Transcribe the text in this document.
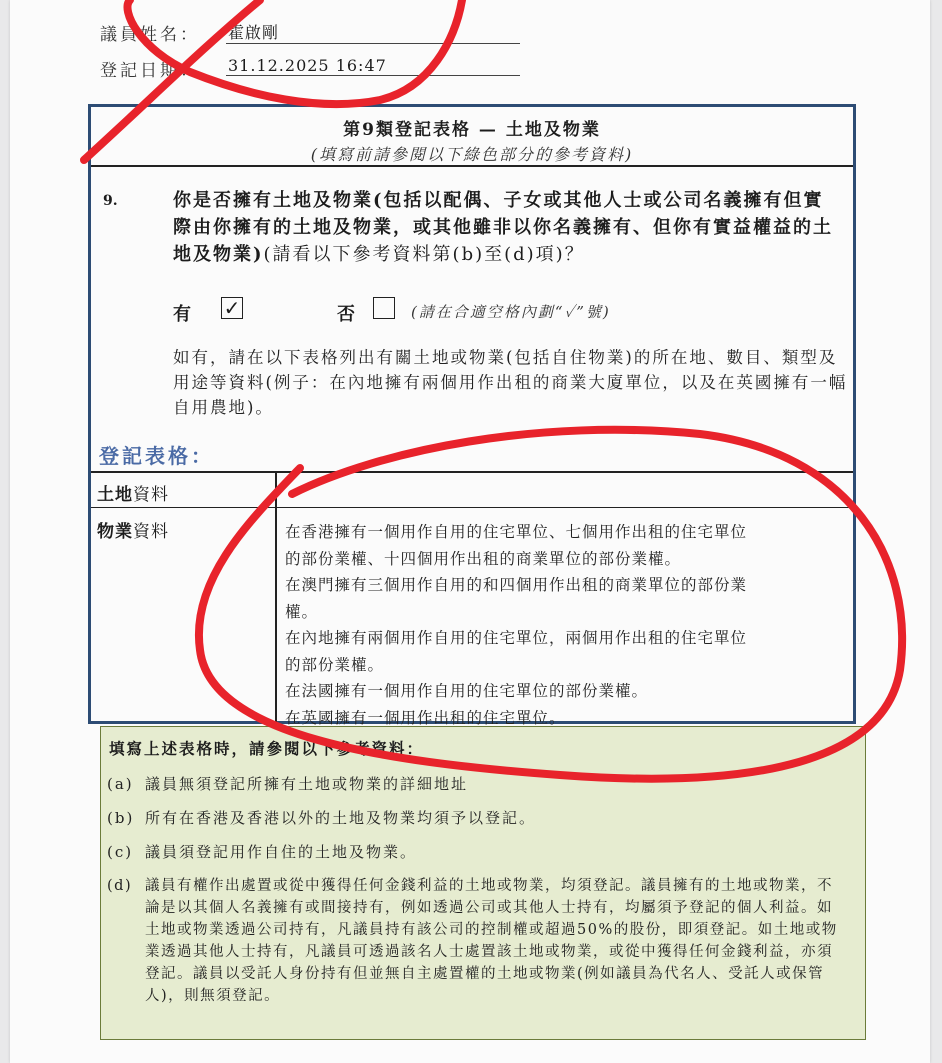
議員姓名： 霍啟剛
登記日期： 31.12.2025 16:47
第9類登記表格 — 土地及物業
(填寫前請參閱以下綠色部分的參考資料)
9.	你是否擁有土地及物業(包括以配偶、子女或其他人士或公司名義擁有但實際由你擁有的土地及物業，或其他雖非以你名義擁有、但你有實益權益的土地及物業)(請看以下參考資料第(b)至(d)項)？
有 ✓	否	(請在合適空格內劃“✓”號)
如有，請在以下表格列出有關土地或物業(包括自住物業)的所在地、數目、類型及用途等資料(例子：在內地擁有兩個用作出租的商業大廈單位，以及在英國擁有一幅自用農地)。
登記表格：
土地資料
物業資料	在香港擁有一個用作自用的住宅單位、七個用作出租的住宅單位
的部份業權、十四個用作出租的商業單位的部份業權。
在澳門擁有三個用作自用的和四個用作出租的商業單位的部份業
權。
在內地擁有兩個用作自用的住宅單位，兩個用作出租的住宅單位
的部份業權。
在法國擁有一個用作自用的住宅單位的部份業權。
在英國擁有一個用作出租的住宅單位。
填寫上述表格時，請參閱以下參考資料：
(a) 議員無須登記所擁有土地或物業的詳細地址
(b) 所有在香港及香港以外的土地及物業均須予以登記。
(c) 議員須登記用作自住的土地及物業。
(d) 議員有權作出處置或從中獲得任何金錢利益的土地或物業，均須登記。議員擁有的土地或物業，不論是以其個人名義擁有或間接持有，例如透過公司或其他人士持有，均屬須予登記的個人利益。如土地或物業透過公司持有，凡議員持有該公司的控制權或超過50%的股份，即須登記。如土地或物業透過其他人士持有，凡議員可透過該名人士處置該土地或物業，或從中獲得任何金錢利益，亦須登記。議員以受託人身份持有但並無自主處置權的土地或物業(例如議員為代名人、受託人或保管人)，則無須登記。
